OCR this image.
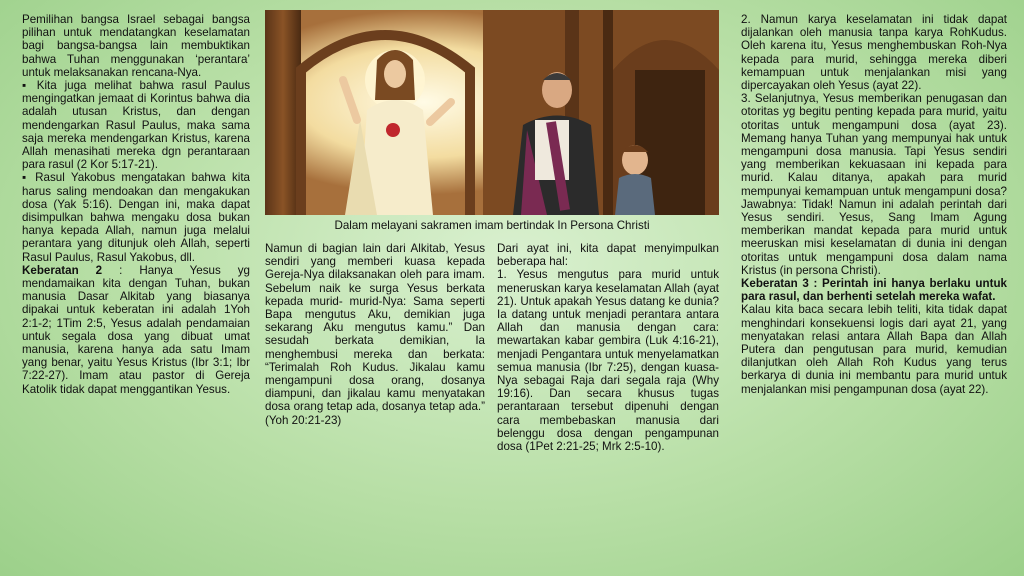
Pemilihan bangsa Israel sebagai bangsa pilihan untuk mendatangkan keselamatan bagi bangsa-bangsa lain membuktikan bahwa Tuhan menggunakan ‘perantara’ untuk melaksanakan rencana-Nya.

▪ Kita juga melihat bahwa rasul Paulus mengingatkan jemaat di Korintus bahwa dia adalah utusan Kristus, dan dengan mendengarkan Rasul Paulus, maka sama saja mereka mendengarkan Kristus, karena Allah menasihati mereka dgn perantaraan para rasul (2 Kor 5:17-21).

▪ Rasul Yakobus mengatakan bahwa kita harus saling mendoakan dan mengakukan dosa (Yak 5:16). Dengan ini, maka dapat disimpulkan bahwa mengaku dosa bukan hanya kepada Allah, namun juga melalui perantara yang ditunjuk oleh Allah, seperti Rasul Paulus, Rasul Yakobus, dll.

Keberatan 2 : Hanya Yesus yg mendamaikan kita dengan Tuhan, bukan manusia Dasar Alkitab yang biasanya dipakai untuk keberatan ini adalah 1Yoh 2:1-2; 1Tim 2:5, Yesus adalah pendamaian untuk segala dosa yang dibuat umat manusia, karena hanya ada satu Imam yang benar, yaitu Yesus Kristus (Ibr 3:1; Ibr 7:22-27). Imam atau pastor di Gereja Katolik tidak dapat menggantikan Yesus.

Dalam melayani sakramen imam bertindak In Persona Christi

Namun di bagian lain dari Alkitab, Yesus sendiri yang memberi kuasa kepada Gereja-Nya dilaksanakan oleh para imam. Sebelum naik ke surga Yesus berkata kepada murid- murid-Nya: Sama seperti Bapa mengutus Aku, demikian juga sekarang Aku mengutus kamu.” Dan sesudah berkata demikian, Ia menghembusi mereka dan berkata: “Terimalah Roh Kudus. Jikalau kamu mengampuni dosa orang, dosanya diampuni, dan jikalau kamu menyatakan dosa orang tetap ada, dosanya tetap ada.” (Yoh 20:21-23)

Dari ayat ini, kita dapat menyimpulkan beberapa hal:

1. Yesus mengutus para murid untuk meneruskan karya keselamatan Allah (ayat 21). Untuk apakah Yesus datang ke dunia? Ia datang untuk menjadi perantara antara Allah dan manusia dengan cara: mewartakan kabar gembira (Luk 4:16-21), menjadi Pengantara untuk menyelamatkan semua manusia (Ibr 7:25), dengan kuasa-Nya sebagai Raja dari segala raja (Why 19:16). Dan secara khusus tugas perantaraan tersebut dipenuhi dengan cara membebaskan manusia dari belenggu dosa dengan pengampunan dosa (1Pet 2:21-25; Mrk 2:5-10).

2. Namun karya keselamatan ini tidak dapat dijalankan oleh manusia tanpa karya RohKudus. Oleh karena itu, Yesus menghembuskan Roh-Nya kepada para murid, sehingga mereka diberi kemampuan untuk menjalankan misi yang dipercayakan oleh Yesus (ayat 22).

3. Selanjutnya, Yesus memberikan penugasan dan otoritas yg begitu penting kepada para murid, yaitu otoritas untuk mengampuni dosa (ayat 23). Memang hanya Tuhan yang mempunyai hak untuk mengampuni dosa manusia. Tapi Yesus sendiri yang memberikan kekuasaan ini kepada para murid. Kalau ditanya, apakah para murid mempunyai kemampuan untuk mengampuni dosa? Jawabnya: Tidak! Namun ini adalah perintah dari Yesus sendiri. Yesus, Sang Imam Agung memberikan mandat kepada para murid untuk meeruskan misi keselamatan di dunia ini dengan otoritas untuk mengampuni dosa dalam nama Kristus (in persona Christi).

Keberatan 3 : Perintah ini hanya berlaku untuk para rasul, dan berhenti setelah mereka wafat.

Kalau kita baca secara lebih teliti, kita tidak dapat menghindari konsekuensi logis dari ayat 21, yang menyatakan relasi antara Allah Bapa dan Allah Putera dan pengutusan para murid, kemudian dilanjutkan oleh Allah Roh Kudus yang terus berkarya di dunia ini membantu para murid untuk menjalankan misi pengampunan dosa (ayat 22).
